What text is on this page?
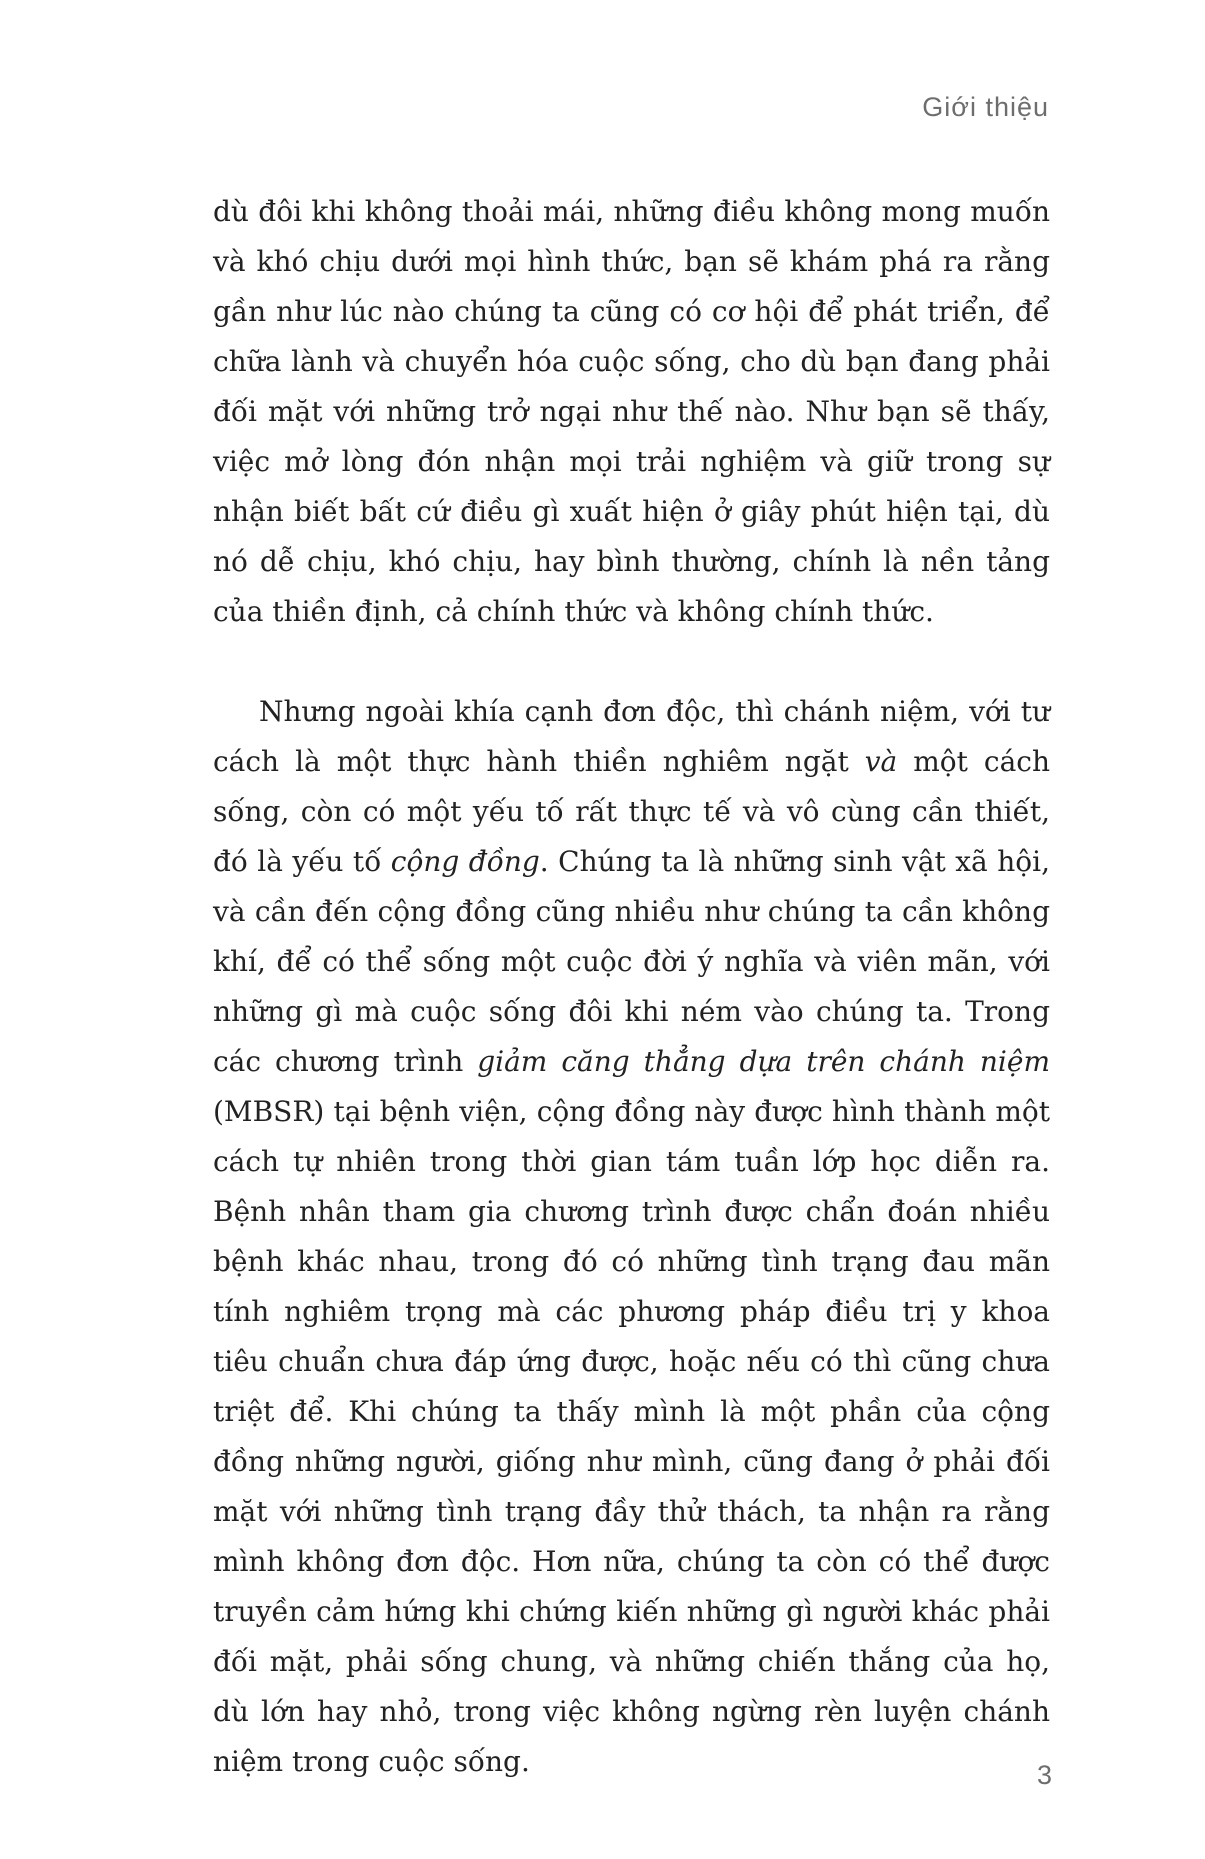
Giới thiệu

dù đôi khi không thoải mái, những điều không mong muốn và khó chịu dưới mọi hình thức, bạn sẽ khám phá ra rằng gần như lúc nào chúng ta cũng có cơ hội để phát triển, để chữa lành và chuyển hóa cuộc sống, cho dù bạn đang phải đối mặt với những trở ngại như thế nào. Như bạn sẽ thấy, việc mở lòng đón nhận mọi trải nghiệm và giữ trong sự nhận biết bất cứ điều gì xuất hiện ở giây phút hiện tại, dù nó dễ chịu, khó chịu, hay bình thường, chính là nền tảng của thiền định, cả chính thức và không chính thức.

Nhưng ngoài khía cạnh đơn độc, thì chánh niệm, với tư cách là một thực hành thiền nghiêm ngặt và một cách sống, còn có một yếu tố rất thực tế và vô cùng cần thiết, đó là yếu tố cộng đồng. Chúng ta là những sinh vật xã hội, và cần đến cộng đồng cũng nhiều như chúng ta cần không khí, để có thể sống một cuộc đời ý nghĩa và viên mãn, với những gì mà cuộc sống đôi khi ném vào chúng ta. Trong các chương trình giảm căng thẳng dựa trên chánh niệm (MBSR) tại bệnh viện, cộng đồng này được hình thành một cách tự nhiên trong thời gian tám tuần lớp học diễn ra. Bệnh nhân tham gia chương trình được chẩn đoán nhiều bệnh khác nhau, trong đó có những tình trạng đau mãn tính nghiêm trọng mà các phương pháp điều trị y khoa tiêu chuẩn chưa đáp ứng được, hoặc nếu có thì cũng chưa triệt để. Khi chúng ta thấy mình là một phần của cộng đồng những người, giống như mình, cũng đang ở phải đối mặt với những tình trạng đầy thử thách, ta nhận ra rằng mình không đơn độc. Hơn nữa, chúng ta còn có thể được truyền cảm hứng khi chứng kiến những gì người khác phải đối mặt, phải sống chung, và những chiến thắng của họ, dù lớn hay nhỏ, trong việc không ngừng rèn luyện chánh niệm trong cuộc sống.	3
